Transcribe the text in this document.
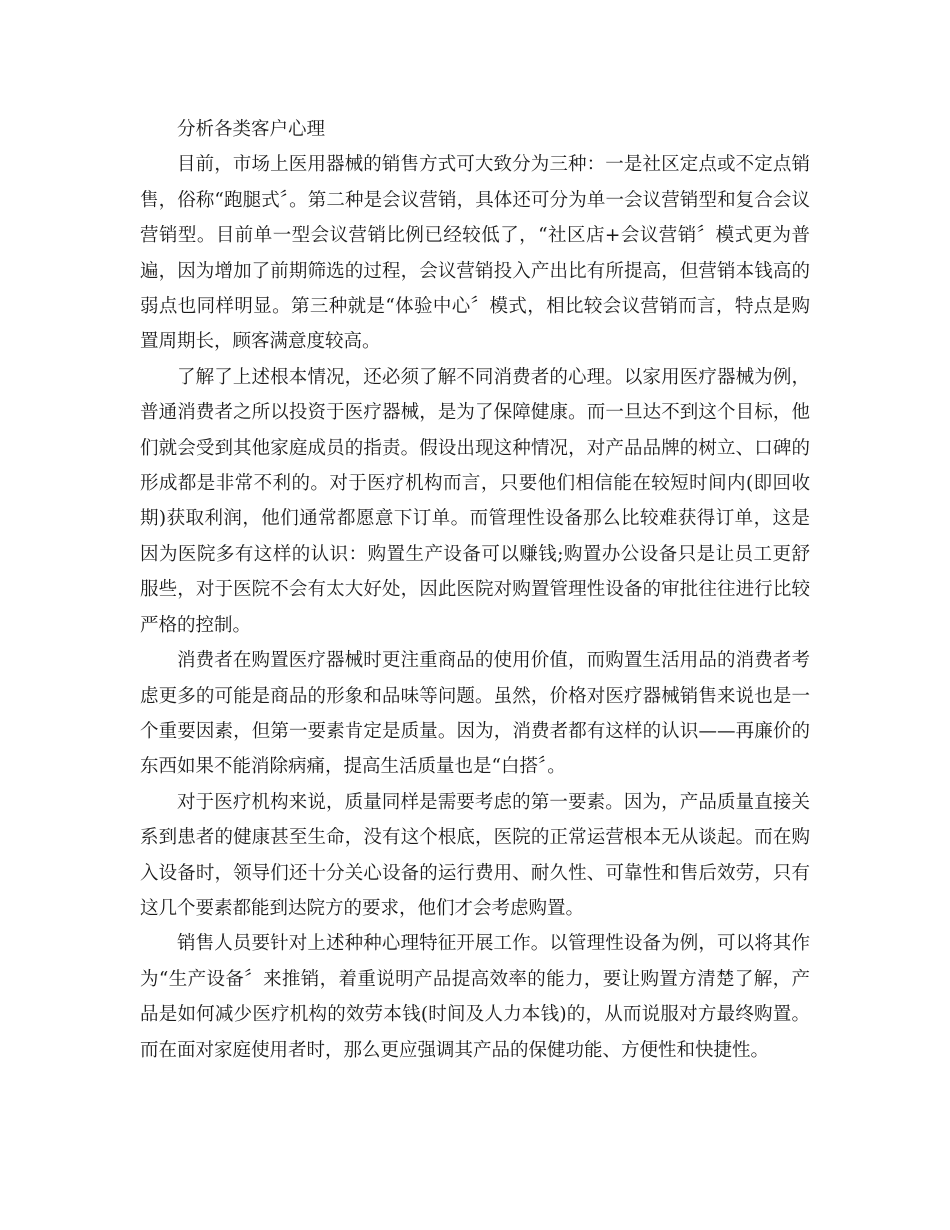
分析各类客户心理

目前，市场上医用器械的销售方式可大致分为三种：一是社区定点或不定点销售，俗称“跑腿式〞。第二种是会议营销，具体还可分为单一会议营销型和复合会议营销型。目前单一型会议营销比例已经较低了，“社区店+会议营销〞模式更为普遍，因为增加了前期筛选的过程，会议营销投入产出比有所提高，但营销本钱高的弱点也同样明显。第三种就是“体验中心〞模式，相比较会议营销而言，特点是购置周期长，顾客满意度较高。

了解了上述根本情况，还必须了解不同消费者的心理。以家用医疗器械为例，普通消费者之所以投资于医疗器械，是为了保障健康。而一旦达不到这个目标，他们就会受到其他家庭成员的指责。假设出现这种情况，对产品品牌的树立、口碑的形成都是非常不利的。对于医疗机构而言，只要他们相信能在较短时间内(即回收期)获取利润，他们通常都愿意下订单。而管理性设备那么比较难获得订单，这是因为医院多有这样的认识：购置生产设备可以赚钱;购置办公设备只是让员工更舒服些，对于医院不会有太大好处，因此医院对购置管理性设备的审批往往进行比较严格的控制。

消费者在购置医疗器械时更注重商品的使用价值，而购置生活用品的消费者考虑更多的可能是商品的形象和品味等问题。虽然，价格对医疗器械销售来说也是一个重要因素，但第一要素肯定是质量。因为，消费者都有这样的认识——再廉价的东西如果不能消除病痛，提高生活质量也是“白搭〞。

对于医疗机构来说，质量同样是需要考虑的第一要素。因为，产品质量直接关系到患者的健康甚至生命，没有这个根底，医院的正常运营根本无从谈起。而在购入设备时，领导们还十分关心设备的运行费用、耐久性、可靠性和售后效劳，只有这几个要素都能到达院方的要求，他们才会考虑购置。

销售人员要针对上述种种心理特征开展工作。以管理性设备为例，可以将其作为“生产设备〞来推销，着重说明产品提高效率的能力，要让购置方清楚了解，产品是如何减少医疗机构的效劳本钱(时间及人力本钱)的，从而说服对方最终购置。而在面对家庭使用者时，那么更应强调其产品的保健功能、方便性和快捷性。
